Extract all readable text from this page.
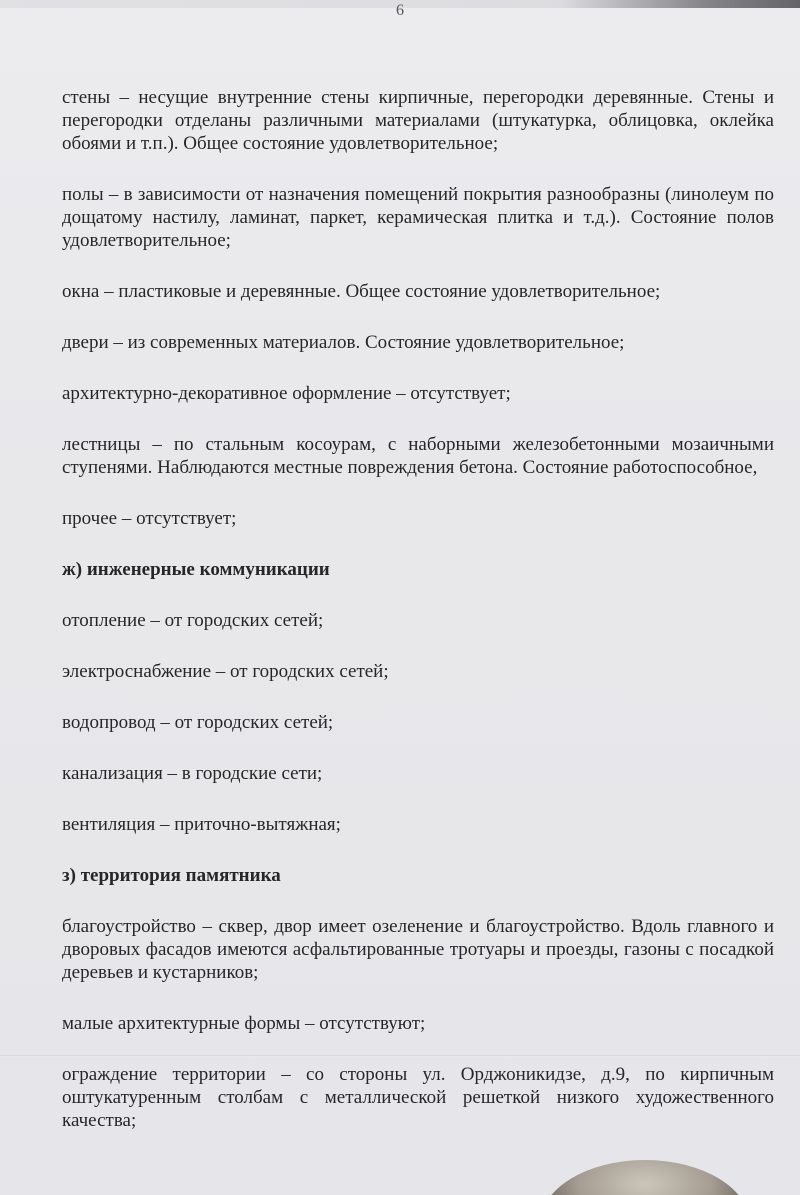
6

стены – несущие внутренние стены кирпичные, перегородки деревянные. Стены и перегородки отделаны различными материалами (штукатурка, облицовка, оклейка обоями и т.п.). Общее состояние удовлетворительное;

полы – в зависимости от назначения помещений покрытия разнообразны (линолеум по дощатому настилу, ламинат, паркет, керамическая плитка и т.д.). Состояние полов удовлетворительное;

окна – пластиковые и деревянные. Общее состояние удовлетворительное;

двери – из современных материалов. Состояние удовлетворительное;

архитектурно-декоративное оформление – отсутствует;

лестницы – по стальным косоурам, с наборными железобетонными мозаичными ступенями. Наблюдаются местные повреждения бетона. Состояние работоспособное,

прочее – отсутствует;

ж) инженерные коммуникации

отопление – от городских сетей;

электроснабжение – от городских сетей;

водопровод – от городских сетей;

канализация – в городские сети;

вентиляция – приточно-вытяжная;

з) территория памятника

благоустройство – сквер, двор имеет озеленение и благоустройство. Вдоль главного и дворовых фасадов имеются асфальтированные тротуары и проезды, газоны с посадкой деревьев и кустарников;

малые архитектурные формы – отсутствуют;

ограждение территории – со стороны ул. Орджоникидзе, д.9, по кирпичным оштукатуренным столбам с металлической решеткой низкого художественного качества;
